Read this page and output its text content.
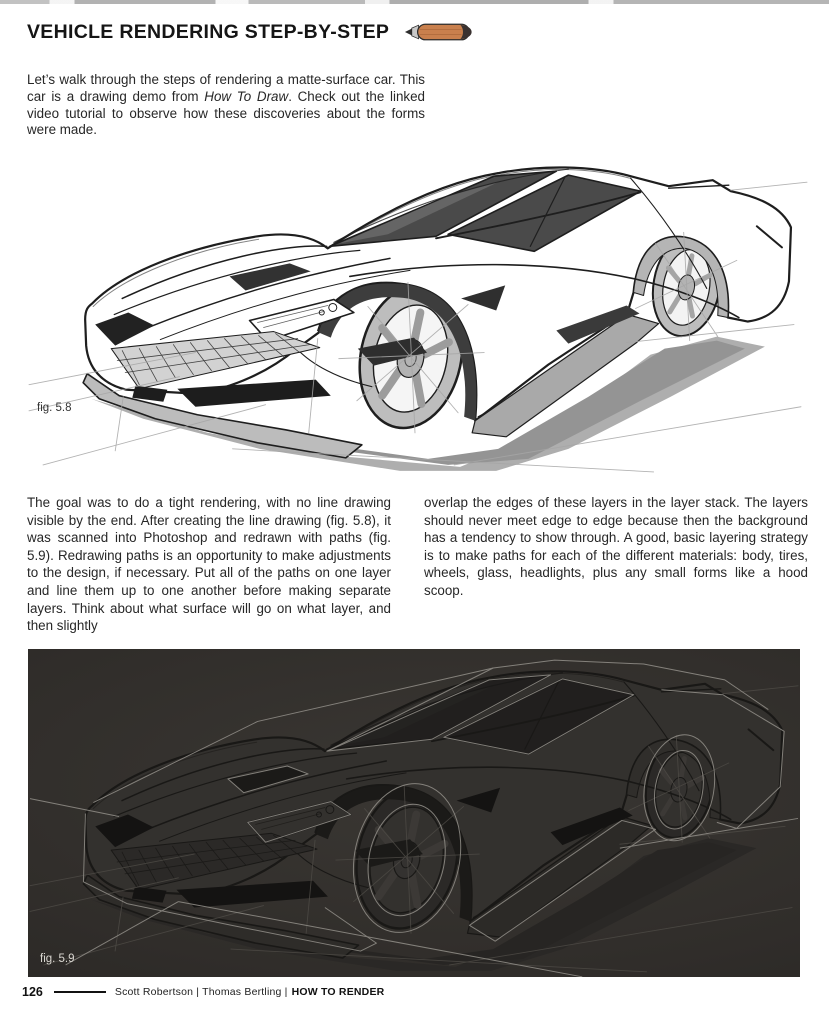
VEHICLE RENDERING STEP-BY-STEP

Let’s walk through the steps of rendering a matte-surface car. This car is a drawing demo from How To Draw. Check out the linked video tutorial to observe how these discoveries about the forms were made.

fig. 5.8

The goal was to do a tight rendering, with no line drawing visible by the end. After creating the line drawing (fig. 5.8), it was scanned into Photoshop and redrawn with paths (fig. 5.9). Redrawing paths is an opportunity to make adjustments to the design, if necessary. Put all of the paths on one layer and line them up to one another before making separate layers. Think about what surface will go on what layer, and then slightly

overlap the edges of these layers in the layer stack. The layers should never meet edge to edge because then the background has a tendency to show through. A good, basic layering strategy is to make paths for each of the different materials: body, tires, wheels, glass, headlights, plus any small forms like a hood scoop.

fig. 5.9
126	Scott Robertson | Thomas Bertling | HOW TO RENDER
